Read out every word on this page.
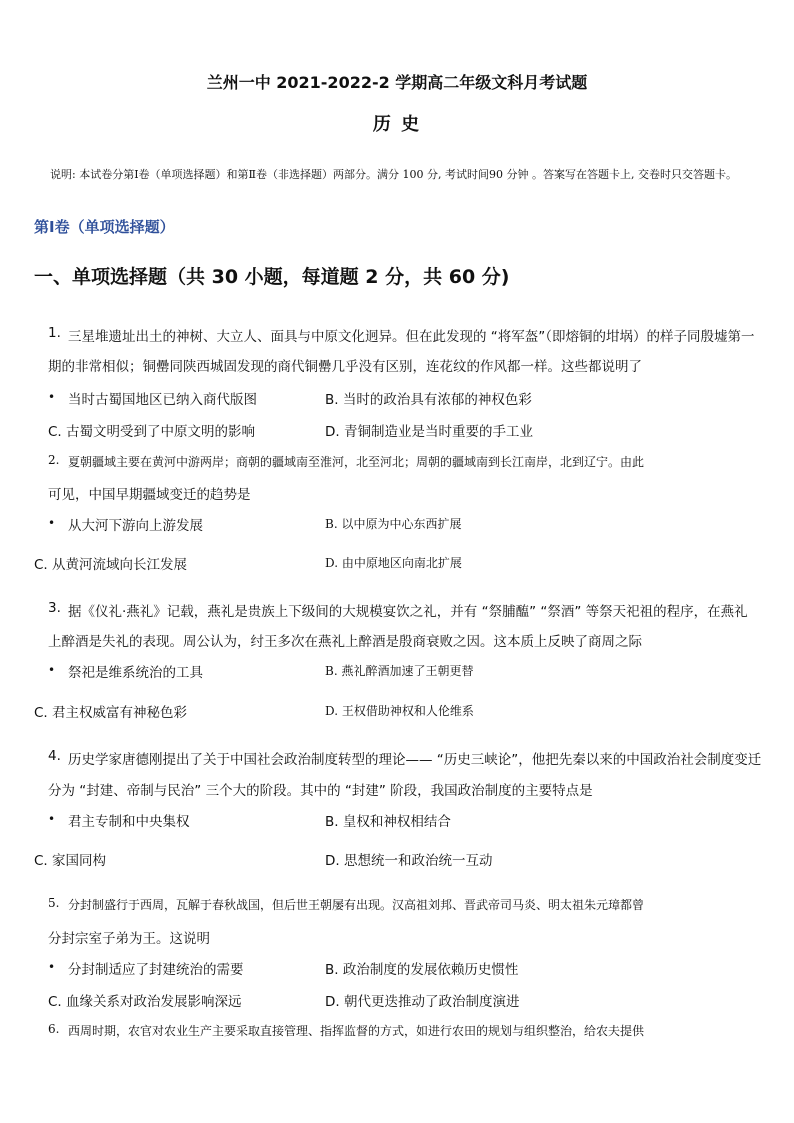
兰州一中 2021-2022-2 学期高二年级文科月考试题
历 史
说明: 本试卷分第Ⅰ卷（单项选择题）和第Ⅱ卷（非选择题）两部分。满分 100 分, 考试时间90 分钟 。答案写在答题卡上, 交卷时只交答题卡。
第Ⅰ卷（单项选择题）
一、单项选择题（共 30 小题，每道题 2 分，共 60 分)
1. 三星堆遗址出土的神树、大立人、面具与中原文化迥异。但在此发现的 “将军盔”（即熔铜的坩埚）的样子同殷墟第一
期的非常相似；铜罍同陕西城固发现的商代铜罍几乎没有区别，连花纹的作风都一样。这些都说明了
• 当时古蜀国地区已纳入商代版图	B. 当时的政治具有浓郁的神权色彩
C. 古蜀文明受到了中原文明的影响	D. 青铜制造业是当时重要的手工业
2. 夏朝疆域主要在黄河中游两岸；商朝的疆域南至淮河，北至河北；周朝的疆域南到长江南岸，北到辽宁。由此
可见，中国早期疆域变迁的趋势是
• 从大河下游向上游发展	B. 以中原为中心东西扩展
C. 从黄河流域向长江发展	D. 由中原地区向南北扩展
3. 据《仪礼·燕礼》记载，燕礼是贵族上下级间的大规模宴饮之礼，并有 “祭脯醢” “祭酒” 等祭天祀祖的程序，在燕礼
上醉酒是失礼的表现。周公认为，纣王多次在燕礼上醉酒是殷商衰败之因。这本质上反映了商周之际
• 祭祀是维系统治的工具	B. 燕礼醉酒加速了王朝更替
C. 君主权威富有神秘色彩	D. 王权借助神权和人伦维系
4. 历史学家唐德刚提出了关于中国社会政治制度转型的理论—— “历史三峡论”，他把先秦以来的中国政治社会制度变迁
分为 “封建、帝制与民治” 三个大的阶段。其中的 “封建” 阶段，我国政治制度的主要特点是
• 君主专制和中央集权	B. 皇权和神权相结合
C. 家国同构	D. 思想统一和政治统一互动
5. 分封制盛行于西周，瓦解于春秋战国，但后世王朝屡有出现。汉高祖刘邦、晋武帝司马炎、明太祖朱元璋都曾
分封宗室子弟为王。这说明
• 分封制适应了封建统治的需要	B. 政治制度的发展依赖历史惯性
C. 血缘关系对政治发展影响深远	D. 朝代更迭推动了政治制度演进
6. 西周时期，农官对农业生产主要采取直接管理、指挥监督的方式，如进行农田的规划与组织整治，给农夫提供
